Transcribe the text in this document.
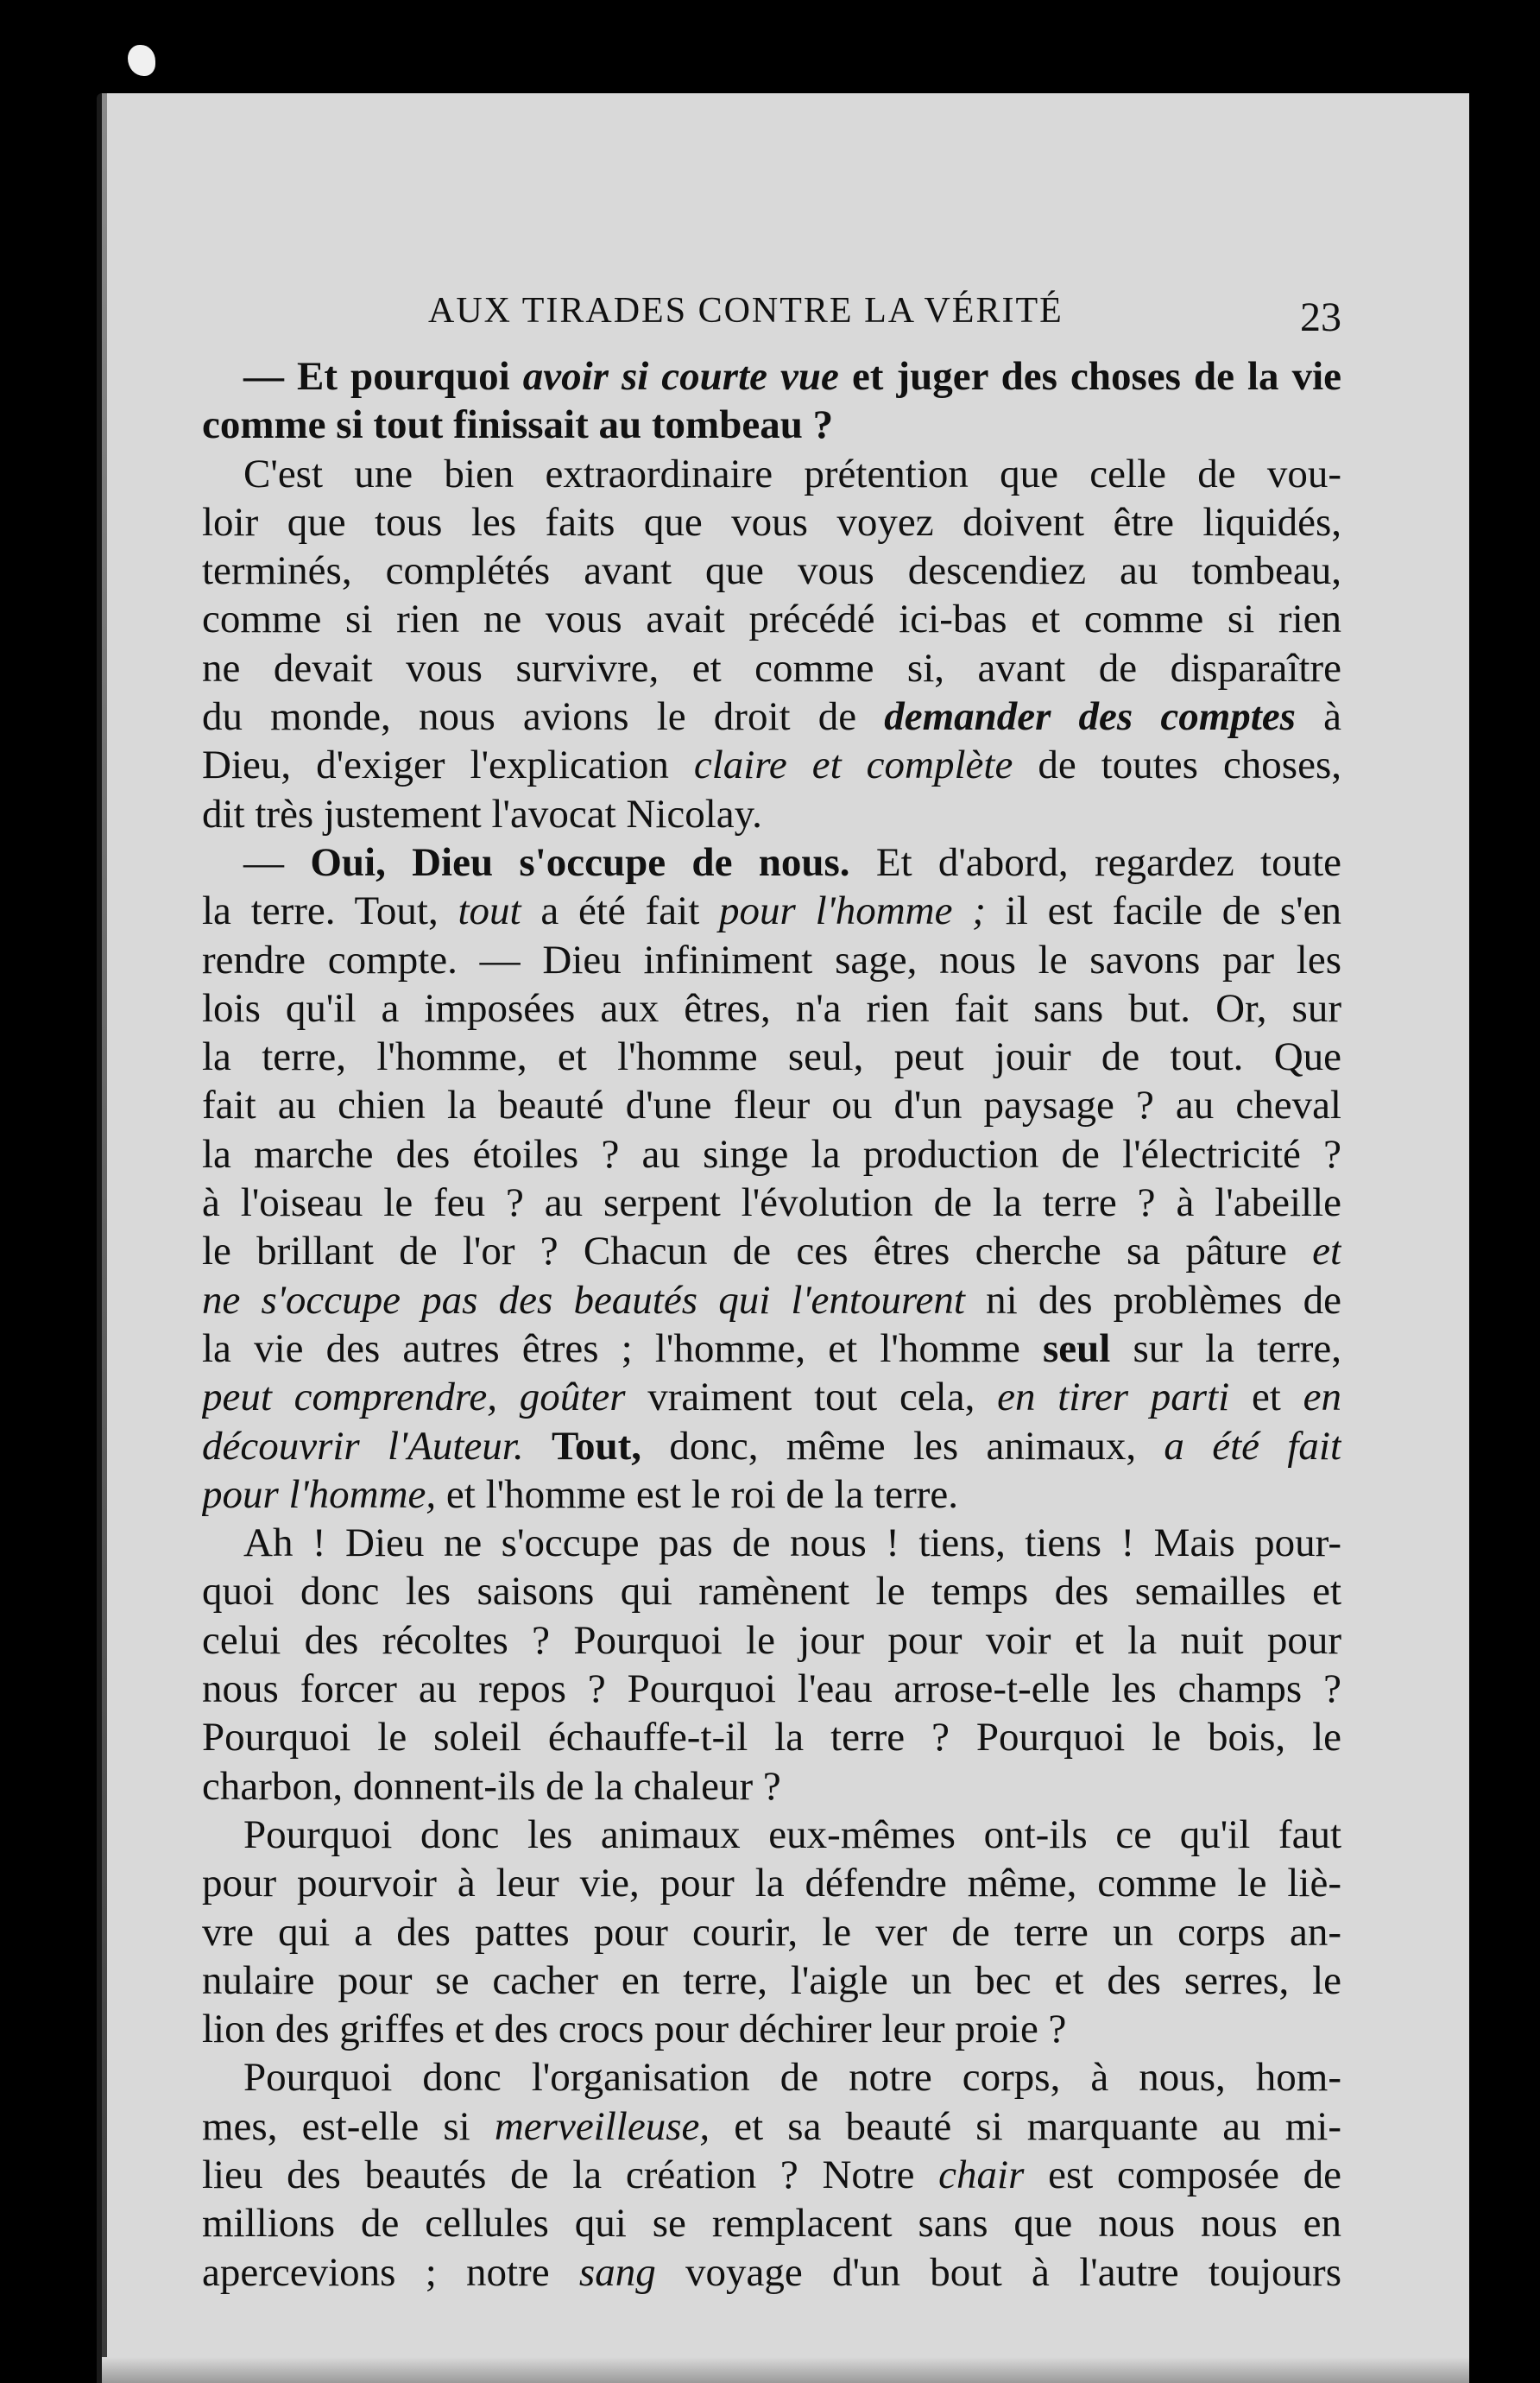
AUX TIRADES CONTRE LA VÉRITÉ	23
— Et pourquoi avoir si courte vue et juger des choses de la vie
comme si tout finissait au tombeau ?
C'est une bien extraordinaire prétention que celle de vou-
loir que tous les faits que vous voyez doivent être liquidés,
terminés, complétés avant que vous descendiez au tombeau,
comme si rien ne vous avait précédé ici-bas et comme si rien
ne devait vous survivre, et comme si, avant de disparaître
du monde, nous avions le droit de demander des comptes à
Dieu, d'exiger l'explication claire et complète de toutes choses,
dit très justement l'avocat Nicolay.
— Oui, Dieu s'occupe de nous. Et d'abord, regardez toute
la terre. Tout, tout a été fait pour l'homme ; il est facile de s'en
rendre compte. — Dieu infiniment sage, nous le savons par les
lois qu'il a imposées aux êtres, n'a rien fait sans but. Or, sur
la terre, l'homme, et l'homme seul, peut jouir de tout. Que
fait au chien la beauté d'une fleur ou d'un paysage ? au cheval
la marche des étoiles ? au singe la production de l'électricité ?
à l'oiseau le feu ? au serpent l'évolution de la terre ? à l'abeille
le brillant de l'or ? Chacun de ces êtres cherche sa pâture et
ne s'occupe pas des beautés qui l'entourent ni des problèmes de
la vie des autres êtres ; l'homme, et l'homme seul sur la terre,
peut comprendre, goûter vraiment tout cela, en tirer parti et en
découvrir l'Auteur. Tout, donc, même les animaux, a été fait
pour l'homme, et l'homme est le roi de la terre.
Ah ! Dieu ne s'occupe pas de nous ! tiens, tiens ! Mais pour-
quoi donc les saisons qui ramènent le temps des semailles et
celui des récoltes ? Pourquoi le jour pour voir et la nuit pour
nous forcer au repos ? Pourquoi l'eau arrose-t-elle les champs ?
Pourquoi le soleil échauffe-t-il la terre ? Pourquoi le bois, le
charbon, donnent-ils de la chaleur ?
Pourquoi donc les animaux eux-mêmes ont-ils ce qu'il faut
pour pourvoir à leur vie, pour la défendre même, comme le liè-
vre qui a des pattes pour courir, le ver de terre un corps an-
nulaire pour se cacher en terre, l'aigle un bec et des serres, le
lion des griffes et des crocs pour déchirer leur proie ?
Pourquoi donc l'organisation de notre corps, à nous, hom-
mes, est-elle si merveilleuse, et sa beauté si marquante au mi-
lieu des beautés de la création ? Notre chair est composée de
millions de cellules qui se remplacent sans que nous nous en
apercevions ; notre sang voyage d'un bout à l'autre toujours
